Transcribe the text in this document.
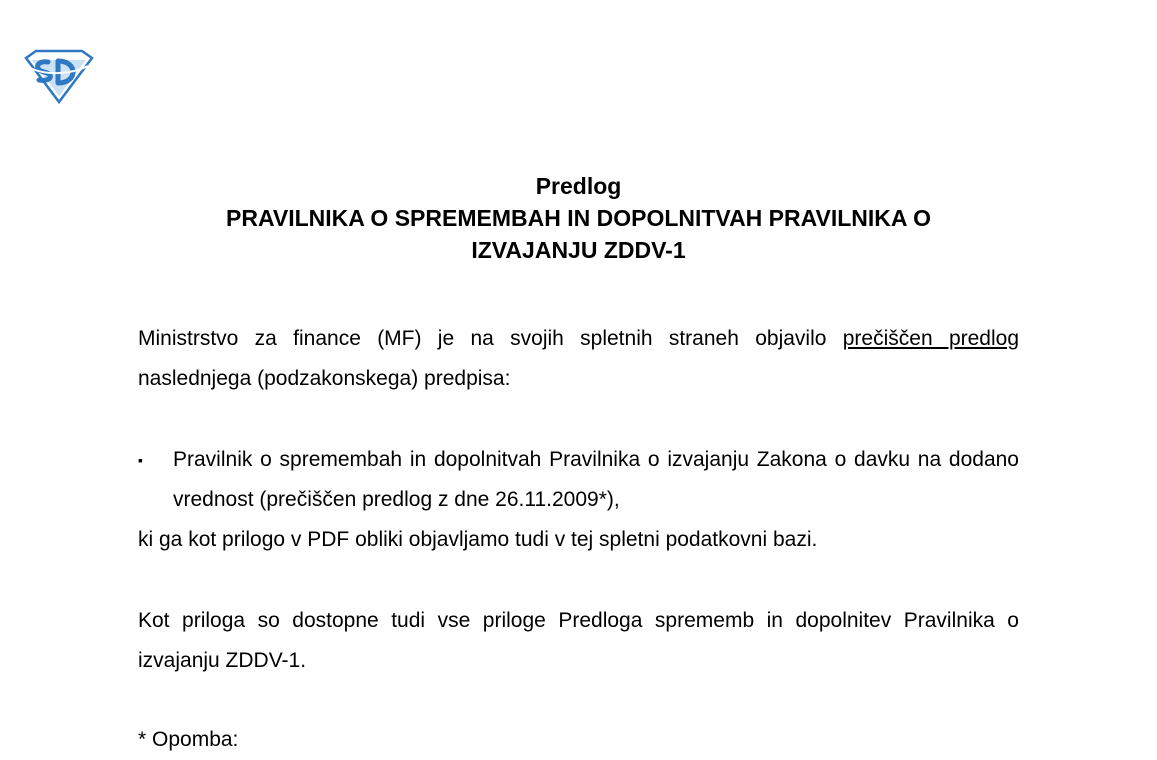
Predlog
PRAVILNIKA O SPREMEMBAH IN DOPOLNITVAH PRAVILNIKA O
IZVAJANJU ZDDV-1
Ministrstvo za finance (MF) je na svojih spletnih straneh objavilo prečiščen predlog naslednjega (podzakonskega) predpisa:
▪	Pravilnik o spremembah in dopolnitvah Pravilnika o izvajanju Zakona o davku na dodano vrednost (prečiščen predlog z dne 26.11.2009*),
ki ga kot prilogo v PDF obliki objavljamo tudi v tej spletni podatkovni bazi.
Kot priloga so dostopne tudi vse priloge Predloga sprememb in dopolnitev Pravilnika o izvajanju ZDDV-1.
* Opomba:
